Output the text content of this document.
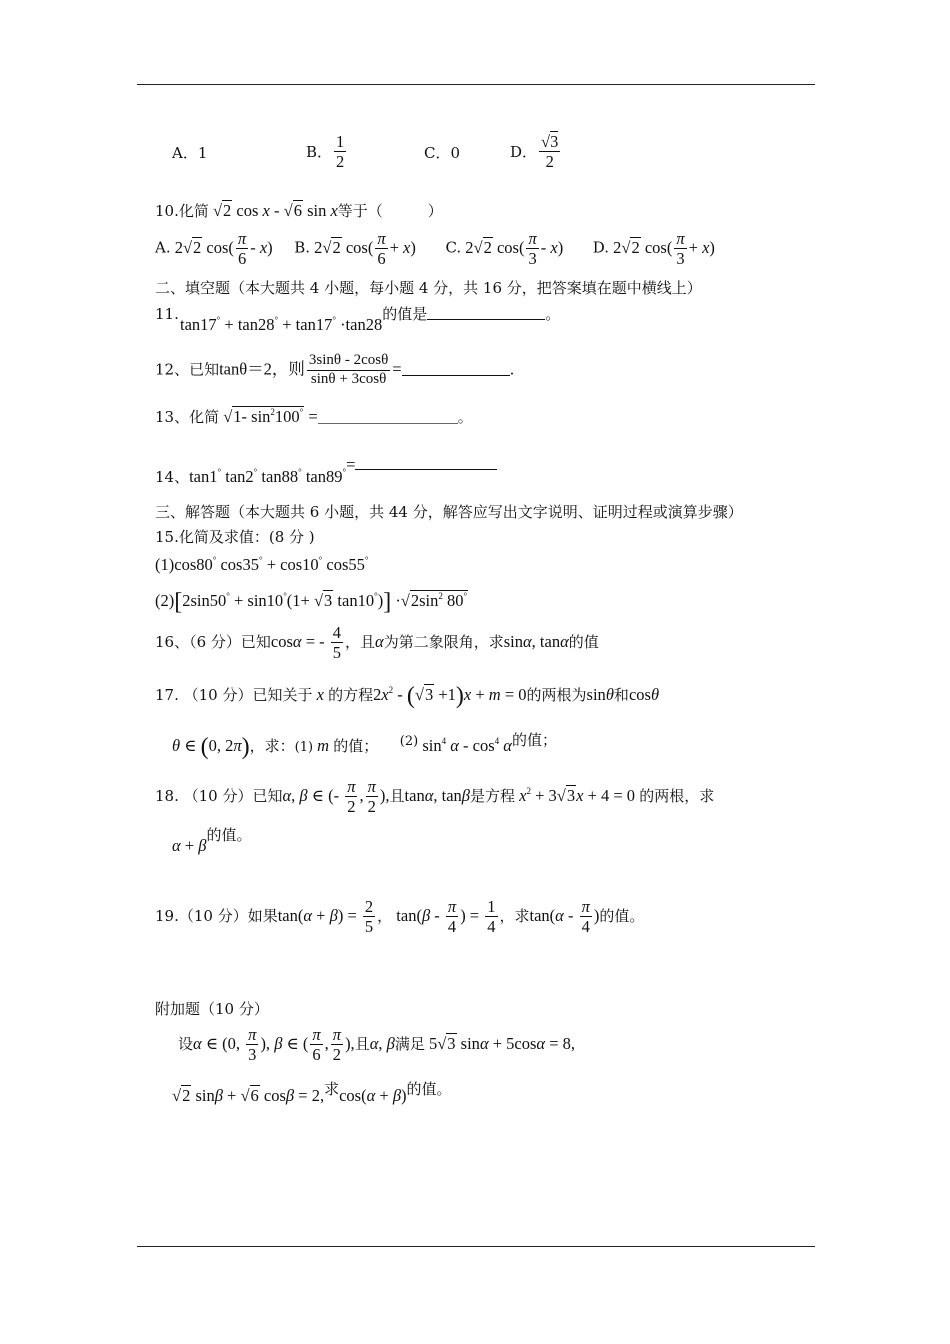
A．1	B． $\frac{1}{2}$	C．0	D． $\frac{√3}{2}$
10.化简 √2 cos x - √6 sin x等于（　　　）
A. 2√2 $\cos( \frac{\pi}{6} - x)$ B. 2√2 $\cos( \frac{\pi}{6} + x)$ C. 2√2 $\cos( \frac{\pi}{3} - x)$ D. 2√2 $\cos( \frac{\pi}{3} + x)$
二、填空题（本大题共 4 小题，每小题 4 分，共 16 分，把答案填在题中横线上）
11.
tan17° + tan28° + tan17° ·tan28的值是	。
12、已知tanθ＝2，则 $\frac{3\sin\theta - 2\cos\theta}{\sin\theta + 3\cos\theta}$ =	.
13、化简 √1- $\sin^2100^\circ$ =	。
14、tan1° tan2° tan88° tan89°=
三、解答题（本大题共 6 小题，共 44 分，解答应写出文字说明、证明过程或演算步骤）
15.化简及求值：(8 分 )
(1)cos80° cos35° + cos10° cos55°
(2)[2sin50° + sin10°(1+ √3 $\tan 10^\circ)] \cdot√2\sin^2$ 80°
16、（6 分）已知cosα = - $\frac{4}{5}$ ，且α为第二象限角，求sinα, tanα的值
17. （10 分）已知关于 x 的方程$2x^2 - (√3 +1)x + m = 0$的两根为sinθ和cosθ
θ ∈ (0, 2π)，求：(1) m 的值； (2) $\sin^4 \alpha - \cos^4 \alpha$的值；
18. （10 分）已知α, β ∈ (- $\frac{\pi}{2}$ , $\frac{\pi}{2}$ ),且tanα, tanβ是方程 $x^2 + 3√3x + 4 = 0$ 的两根，求
α + β的值。
19.（10 分）如果$\tan(\alpha + \beta) = \frac{2}{5}$ ， $\tan(\beta - \frac{\pi}{4}$ ) = $\frac{1}{4}$ ，求$\tan(\alpha - \frac{\pi}{4}$ )的值。
附加题（10 分）
设α ∈ (0, $\frac{\pi}{3}$ ), β ∈ ( $\frac{\pi}{6}$ , $\frac{\pi}{2}$ ),且α, β满足 5√3 sinα + 5cosα = 8,
√2 sinβ + √6 cosβ = 2,求cos(α + β)的值。
